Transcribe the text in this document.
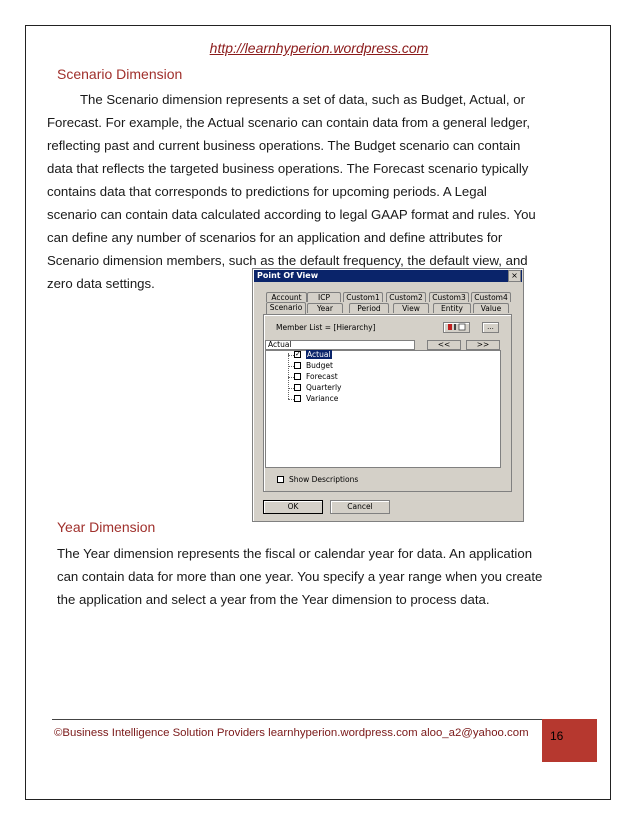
http://learnhyperion.wordpress.com
Scenario Dimension
The Scenario dimension represents a set of data, such as Budget, Actual, or
Forecast. For example, the Actual scenario can contain data from a general ledger,
reflecting past and current business operations. The Budget scenario can contain
data that reflects the targeted business operations. The Forecast scenario typically
contains data that corresponds to predictions for upcoming periods. A Legal
scenario can contain data calculated according to legal GAAP format and rules. You
can define any number of scenarios for an application and define attributes for
Scenario dimension members, such as the default frequency, the default view, and
zero data settings.
Point Of View	×
Account	ICP	Custom1	Custom2	Custom3	Custom4
Scenario	Year	Period	View	Entity	Value
Member List = [Hierarchy]	...
Actual	<<	>>
✓ Actual
Budget
Forecast
Quarterly
Variance
Show Descriptions
OK	Cancel
Year Dimension
The Year dimension represents the fiscal or calendar year for data. An application
can contain data for more than one year. You specify a year range when you create
the application and select a year from the Year dimension to process data.
©Business Intelligence Solution Providers learnhyperion.wordpress.com aloo_a2@yahoo.com 16
